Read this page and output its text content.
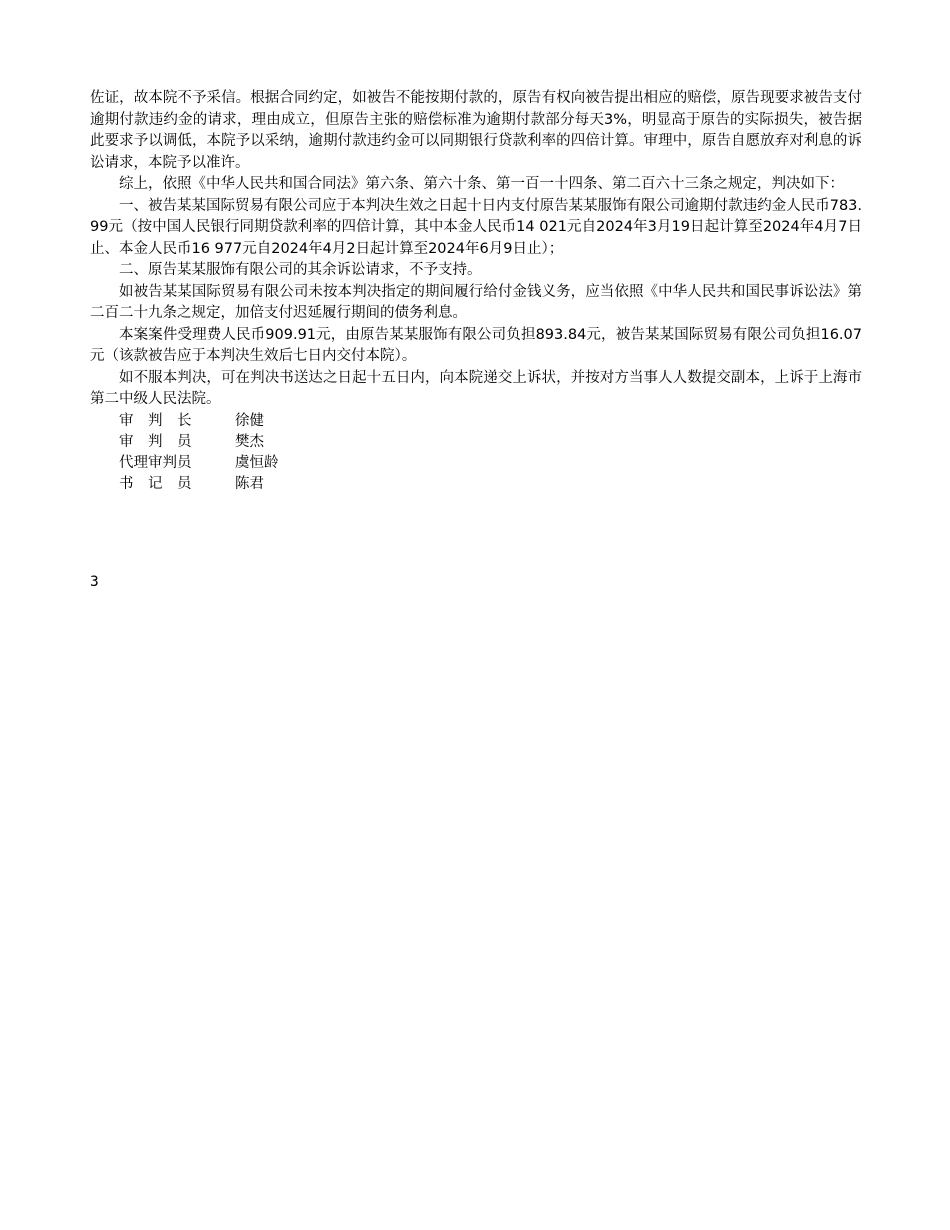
佐证，故本院不予采信。根据合同约定，如被告不能按期付款的，原告有权向被告提出相应的赔偿，原告现要求被告支付逾期付款违约金的请求，理由成立，但原告主张的赔偿标准为逾期付款部分每天3%，明显高于原告的实际损失，被告据此要求予以调低，本院予以采纳，逾期付款违约金可以同期银行贷款利率的四倍计算。审理中，原告自愿放弃对利息的诉讼请求，本院予以准许。

综上，依照《中华人民共和国合同法》第六条、第六十条、第一百一十四条、第二百六十三条之规定，判决如下：

一、被告某某国际贸易有限公司应于本判决生效之日起十日内支付原告某某服饰有限公司逾期付款违约金人民币783.99元（按中国人民银行同期贷款利率的四倍计算，其中本金人民币14 021元自2024年3月19日起计算至2024年4月7日止、本金人民币16 977元自2024年4月2日起计算至2024年6月9日止）；

二、原告某某服饰有限公司的其余诉讼请求，不予支持。

如被告某某国际贸易有限公司未按本判决指定的期间履行给付金钱义务，应当依照《中华人民共和国民事诉讼法》第二百二十九条之规定，加倍支付迟延履行期间的债务利息。

本案案件受理费人民币909.91元，由原告某某服饰有限公司负担893.84元，被告某某国际贸易有限公司负担16.07元（该款被告应于本判决生效后七日内交付本院）。

如不服本判决，可在判决书送达之日起十五日内，向本院递交上诉状，并按对方当事人人数提交副本，上诉于上海市第二中级人民法院。

审　判　长	徐健

审　判　员	樊杰

代理审判员	虞恒龄

书　记　员	陈君

3
